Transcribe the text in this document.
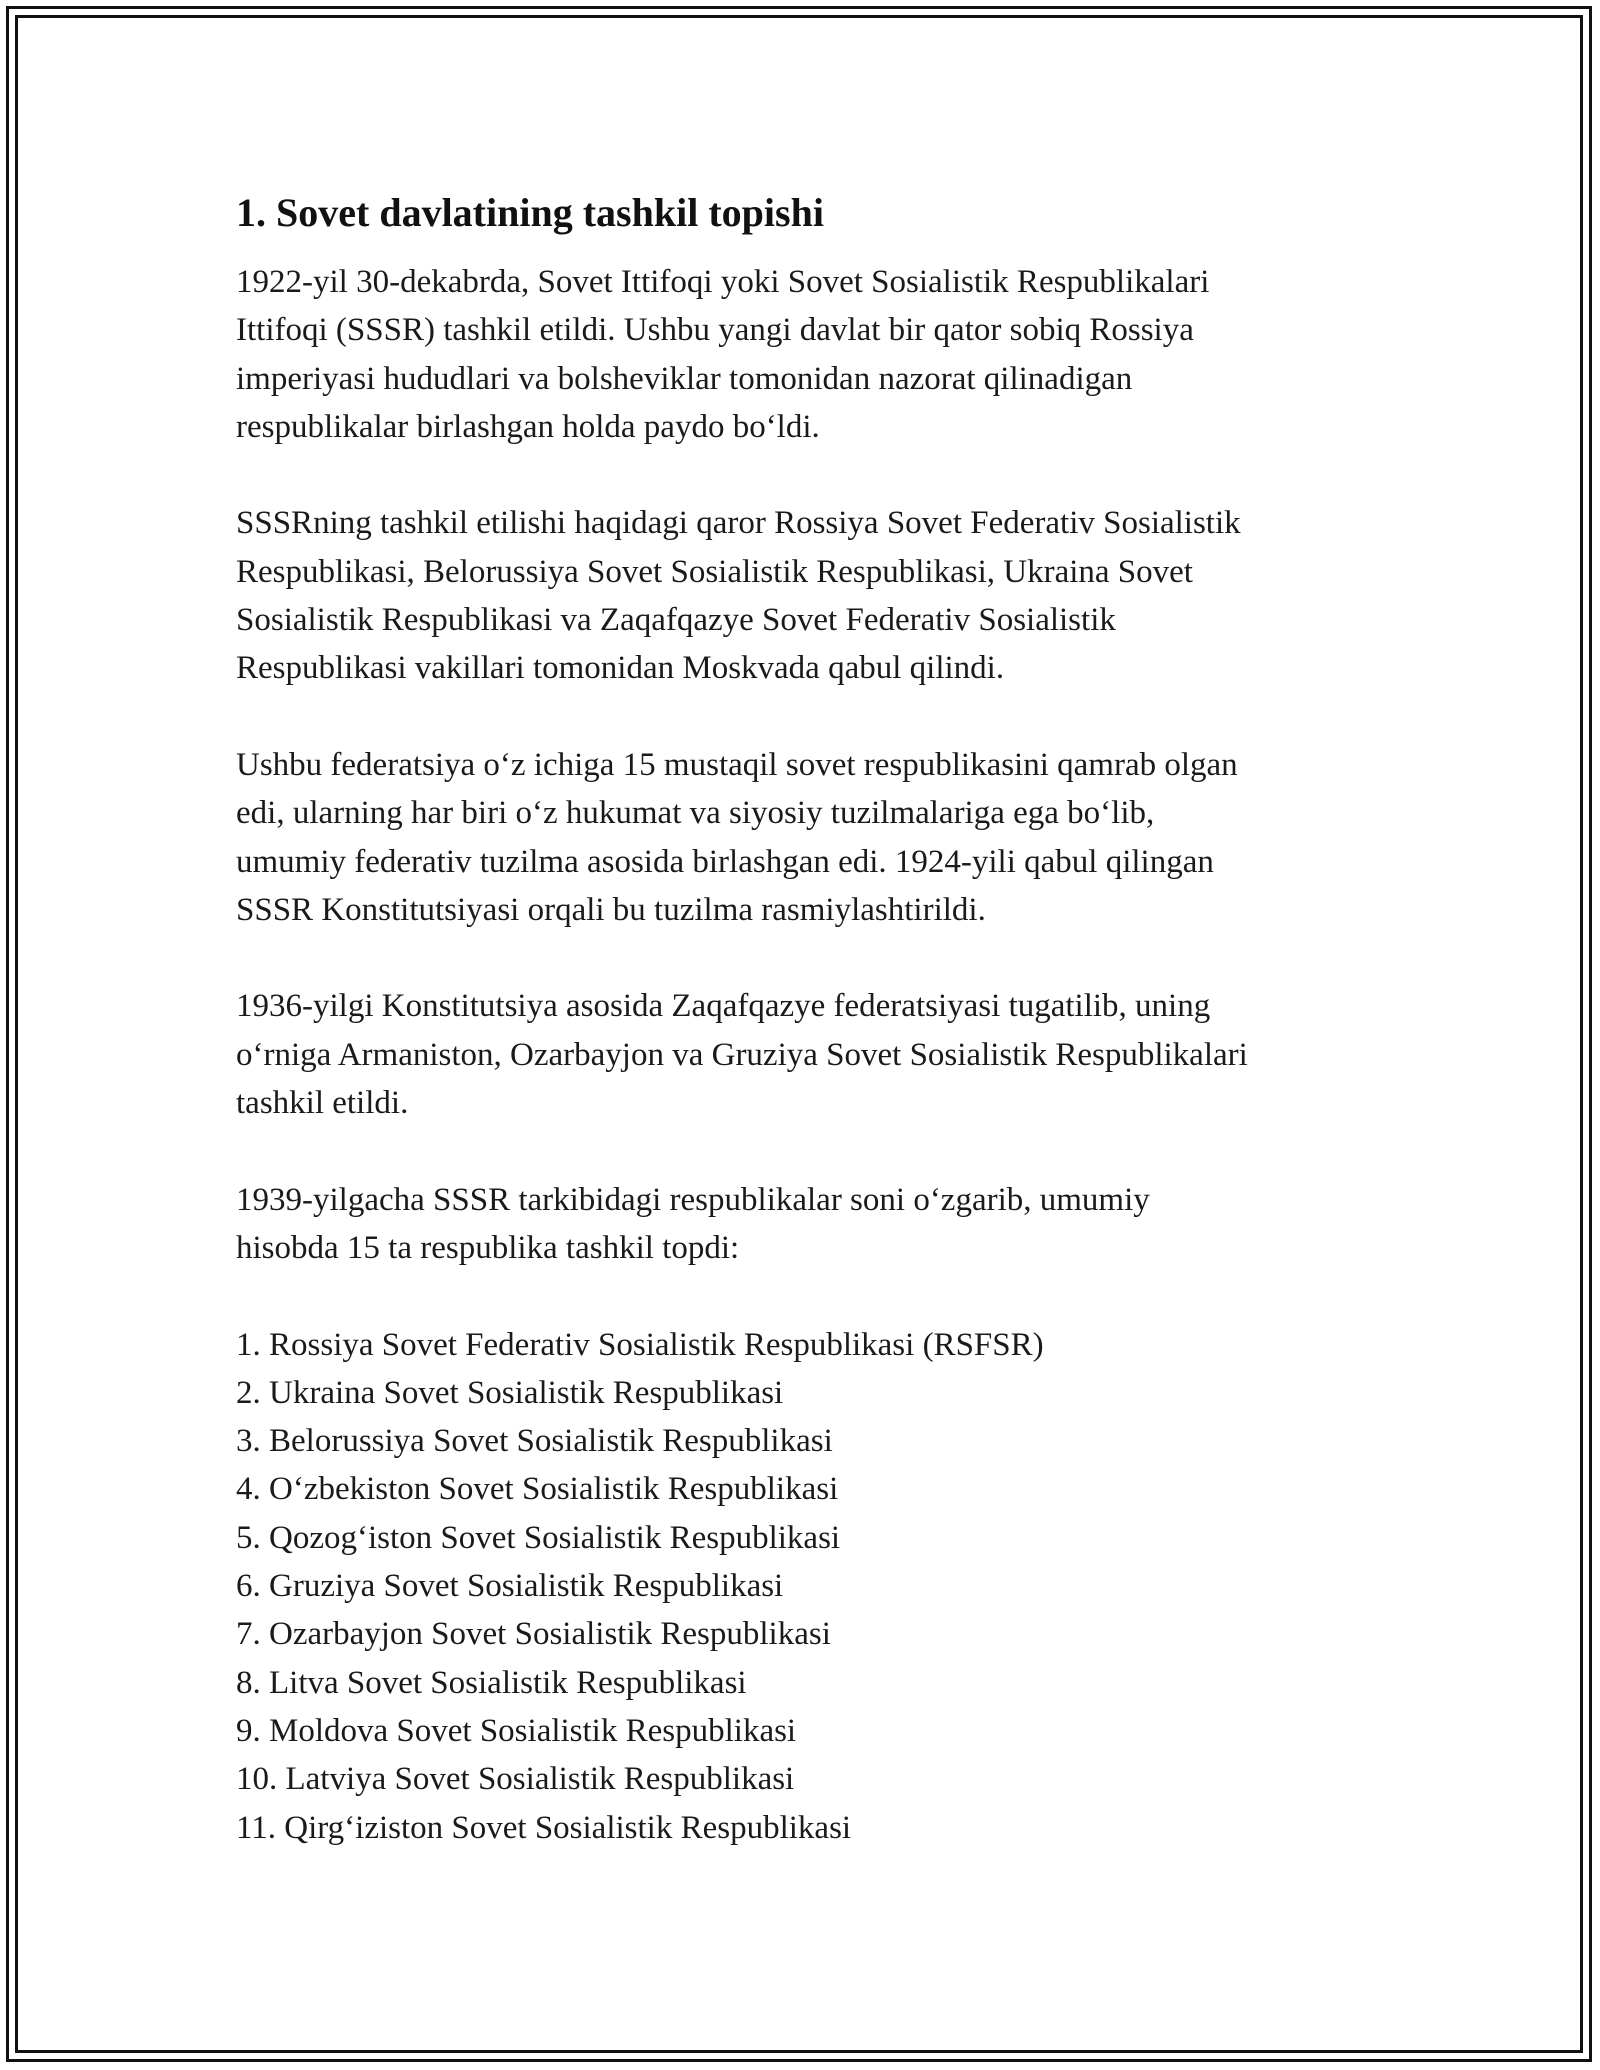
1. Sovet davlatining tashkil topishi

1922-yil 30-dekabrda, Sovet Ittifoqi yoki Sovet Sosialistik Respublikalari
Ittifoqi (SSSR) tashkil etildi. Ushbu yangi davlat bir qator sobiq Rossiya
imperiyasi hududlari va bolsheviklar tomonidan nazorat qilinadigan
respublikalar birlashgan holda paydo bo‘ldi.

SSSRning tashkil etilishi haqidagi qaror Rossiya Sovet Federativ Sosialistik
Respublikasi, Belorussiya Sovet Sosialistik Respublikasi, Ukraina Sovet
Sosialistik Respublikasi va Zaqafqazye Sovet Federativ Sosialistik
Respublikasi vakillari tomonidan Moskvada qabul qilindi.

Ushbu federatsiya o‘z ichiga 15 mustaqil sovet respublikasini qamrab olgan
edi, ularning har biri o‘z hukumat va siyosiy tuzilmalariga ega bo‘lib,
umumiy federativ tuzilma asosida birlashgan edi. 1924-yili qabul qilingan
SSSR Konstitutsiyasi orqali bu tuzilma rasmiylashtirildi.

1936-yilgi Konstitutsiya asosida Zaqafqazye federatsiyasi tugatilib, uning
o‘rniga Armaniston, Ozarbayjon va Gruziya Sovet Sosialistik Respublikalari
tashkil etildi.

1939-yilgacha SSSR tarkibidagi respublikalar soni o‘zgarib, umumiy
hisobda 15 ta respublika tashkil topdi:

1. Rossiya Sovet Federativ Sosialistik Respublikasi (RSFSR)
2. Ukraina Sovet Sosialistik Respublikasi
3. Belorussiya Sovet Sosialistik Respublikasi
4. O‘zbekiston Sovet Sosialistik Respublikasi
5. Qozog‘iston Sovet Sosialistik Respublikasi
6. Gruziya Sovet Sosialistik Respublikasi
7. Ozarbayjon Sovet Sosialistik Respublikasi
8. Litva Sovet Sosialistik Respublikasi
9. Moldova Sovet Sosialistik Respublikasi
10. Latviya Sovet Sosialistik Respublikasi
11. Qirg‘iziston Sovet Sosialistik Respublikasi
